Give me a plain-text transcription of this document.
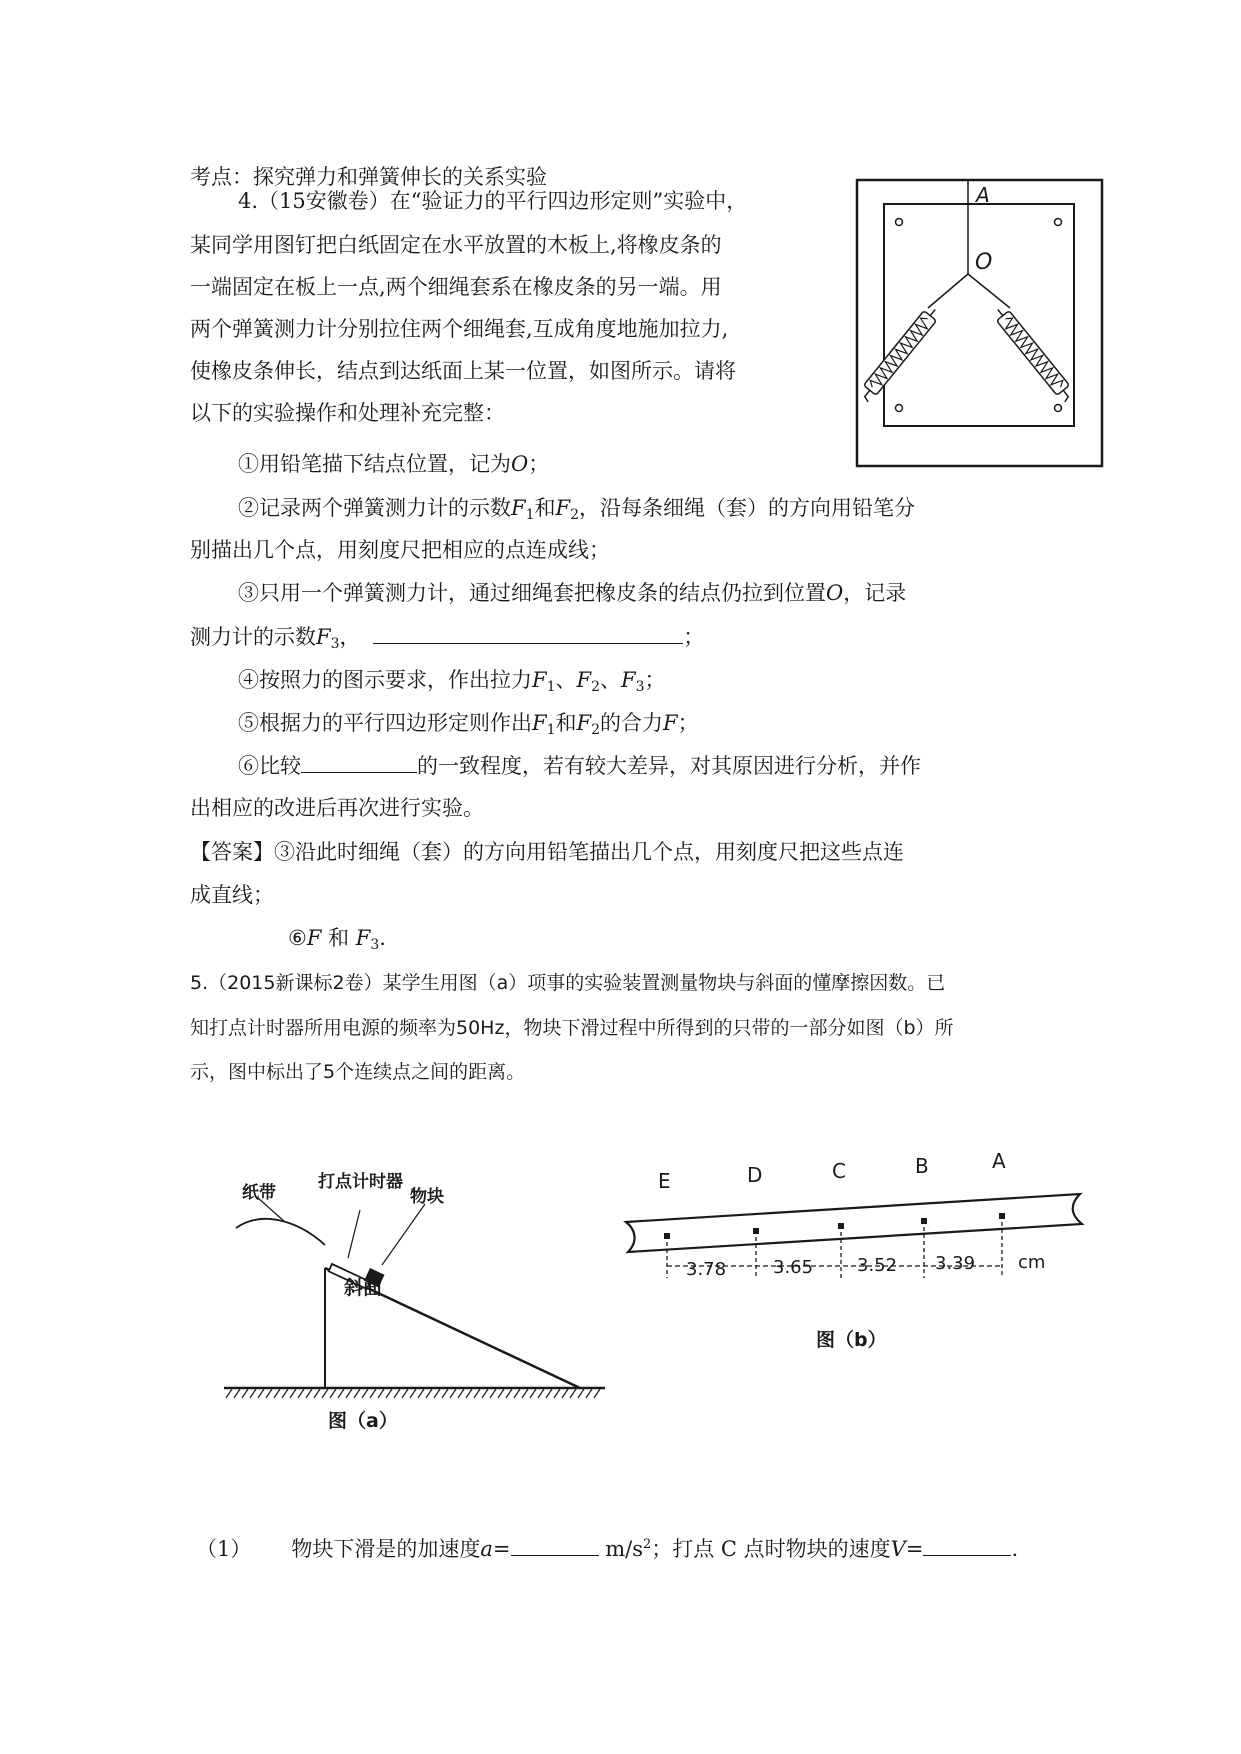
考点：探究弹力和弹簧伸长的关系实验
4.（15安徽卷）在“验证力的平行四边形定则”实验中，
某同学用图钉把白纸固定在水平放置的木板上,将橡皮条的
一端固定在板上一点,两个细绳套系在橡皮条的另一端。用
两个弹簧测力计分别拉住两个细绳套,互成角度地施加拉力,
使橡皮条伸长，结点到达纸面上某一位置，如图所示。请将
以下的实验操作和处理补充完整：
A
O
①用铅笔描下结点位置，记为O；
②记录两个弹簧测力计的示数$F_1$和$F_2$，沿每条细绳（套）的方向用铅笔分
别描出几个点，用刻度尺把相应的点连成线；
③只用一个弹簧测力计，通过细绳套把橡皮条的结点仍拉到位置O，记录
测力计的示数$F_3$，	；
④按照力的图示要求，作出拉力$F_1$、$F_2$、$F_3$；
⑤根据力的平行四边形定则作出$F_1$和$F_2$的合力F；
⑥比较	的一致程度，若有较大差异，对其原因进行分析，并作
出相应的改进后再次进行实验。
【答案】③沿此时细绳（套）的方向用铅笔描出几个点，用刻度尺把这些点连
成直线；
⑥F 和 $F_3$.
5.（2015新课标2卷）某学生用图（a）项事的实验装置测量物块与斜面的懂摩擦因数。已
知打点计时器所用电源的频率为50Hz，物块下滑过程中所得到的只带的一部分如图（b）所
示，图中标出了5个连续点之间的距离。
纸带
打点计时器
物块
斜面
图（a）
E	D	C	B	A
3.78	3.65 3.52 3.39 cm
图（b）
（1） 物块下滑是的加速度a=	$m/s^2$；打点 C 点时物块的速度V=	.
